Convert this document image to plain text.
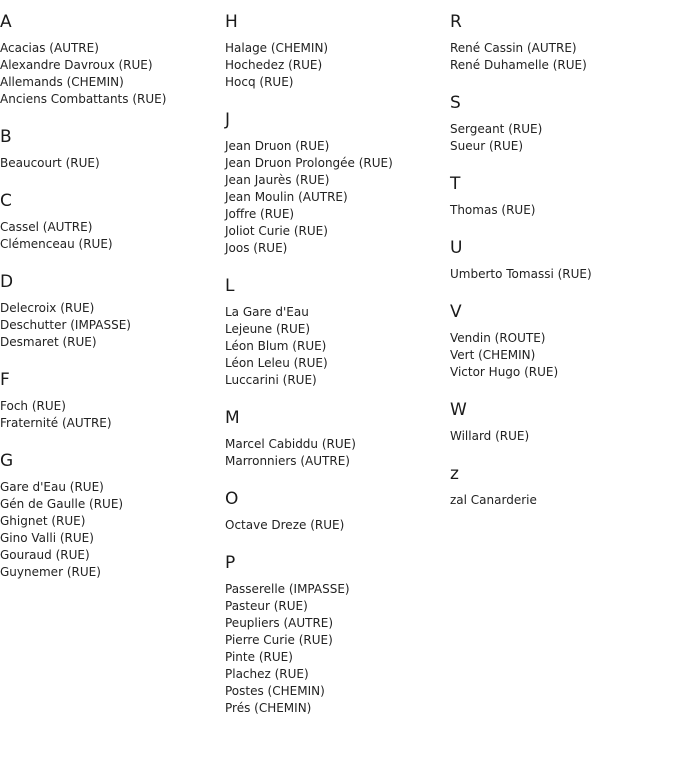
A
Acacias (AUTRE)
Alexandre Davroux (RUE)
Allemands (CHEMIN)
Anciens Combattants (RUE)
B
Beaucourt (RUE)
C
Cassel (AUTRE)
Clémenceau (RUE)
D
Delecroix (RUE)
Deschutter (IMPASSE)
Desmaret (RUE)
F
Foch (RUE)
Fraternité (AUTRE)
G
Gare d'Eau (RUE)
Gén de Gaulle (RUE)
Ghignet (RUE)
Gino Valli (RUE)
Gouraud (RUE)
Guynemer (RUE)
H
Halage (CHEMIN)
Hochedez (RUE)
Hocq (RUE)
J
Jean Druon (RUE)
Jean Druon Prolongée (RUE)
Jean Jaurès (RUE)
Jean Moulin (AUTRE)
Joffre (RUE)
Joliot Curie (RUE)
Joos (RUE)
L
La Gare d'Eau
Lejeune (RUE)
Léon Blum (RUE)
Léon Leleu (RUE)
Luccarini (RUE)
M
Marcel Cabiddu (RUE)
Marronniers (AUTRE)
O
Octave Dreze (RUE)
P
Passerelle (IMPASSE)
Pasteur (RUE)
Peupliers (AUTRE)
Pierre Curie (RUE)
Pinte (RUE)
Plachez (RUE)
Postes (CHEMIN)
Prés (CHEMIN)
R
René Cassin (AUTRE)
René Duhamelle (RUE)
S
Sergeant (RUE)
Sueur (RUE)
T
Thomas (RUE)
U
Umberto Tomassi (RUE)
V
Vendin (ROUTE)
Vert (CHEMIN)
Victor Hugo (RUE)
W
Willard (RUE)
z
zal Canarderie
